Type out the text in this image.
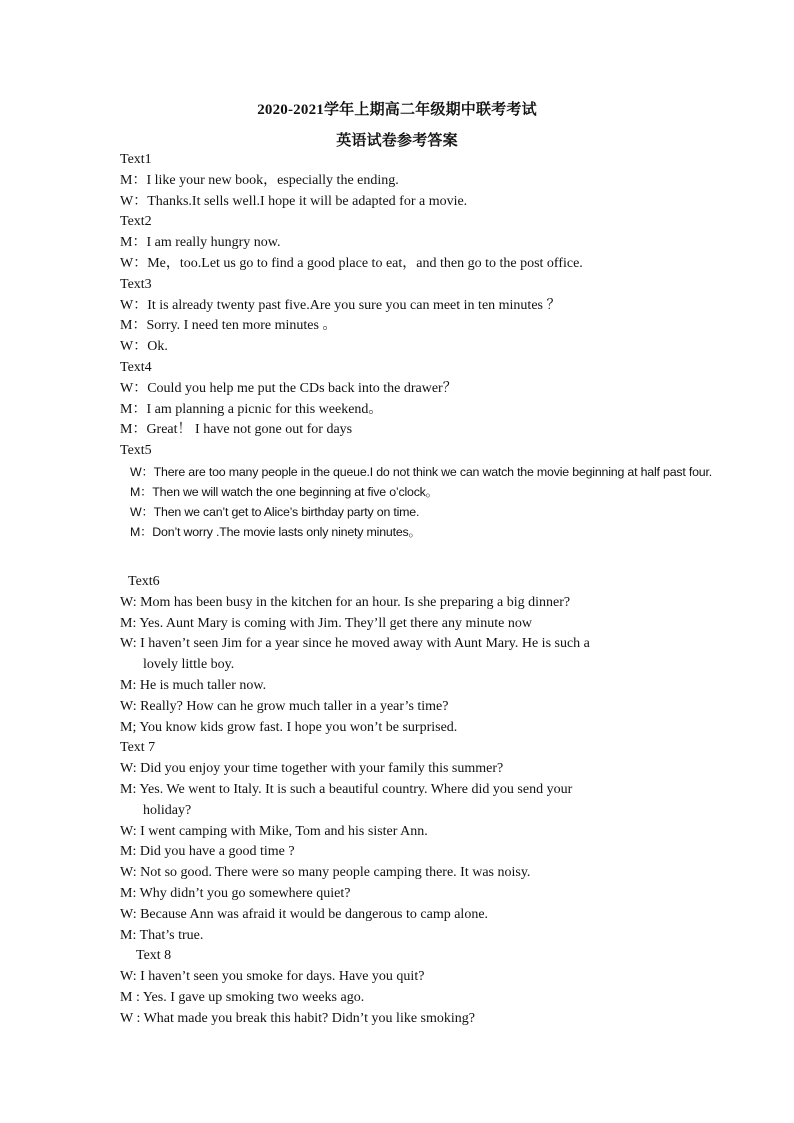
2020-2021学年上期高二年级期中联考考试
英语试卷参考答案
Text1
M：I like your new book，especially the ending.
W：Thanks.It sells well.I hope it will be adapted for a movie.
Text2
M：I am really hungry now.
W：Me，too.Let us go to find a good place to eat，and then go to the post office.
Text3
W：It is already twenty past five.Are you sure you can meet in ten minutes ？
M：Sorry. I need ten more minutes 。
W：Ok.
Text4
W：Could you help me put the CDs back into the drawer？
M：I am planning a picnic for this weekend。
M：Great！ I have not gone out for days
Text5
W：There are too many people in the queue.I do not think we can watch the movie beginning at half past four.
M：Then we will watch the one beginning at five o’clock。
W：Then we can’t get to Alice’s birthday party on time.
M：Don’t worry .The movie lasts only ninety minutes。
Text6
W: Mom has been busy in the kitchen for an hour. Is she preparing a big dinner?
M: Yes. Aunt Mary is coming with Jim. They’ll get there any minute now
W: I haven’t seen Jim for a year since he moved away with Aunt Mary. He is such a
lovely little boy.
M: He is much taller now.
W: Really? How can he grow much taller in a year’s time?
M; You know kids grow fast. I hope you won’t be surprised.
Text 7
W: Did you enjoy your time together with your family this summer?
M: Yes. We went to Italy. It is such a beautiful country. Where did you send your
holiday?
W: I went camping with Mike, Tom and his sister Ann.
M: Did you have a good time ?
W: Not so good. There were so many people camping there. It was noisy.
M: Why didn’t you go somewhere quiet?
W: Because Ann was afraid it would be dangerous to camp alone.
M: That’s true.
Text 8
W: I haven’t seen you smoke for days. Have you quit?
M : Yes. I gave up smoking two weeks ago.
W : What made you break this habit? Didn’t you like smoking?
